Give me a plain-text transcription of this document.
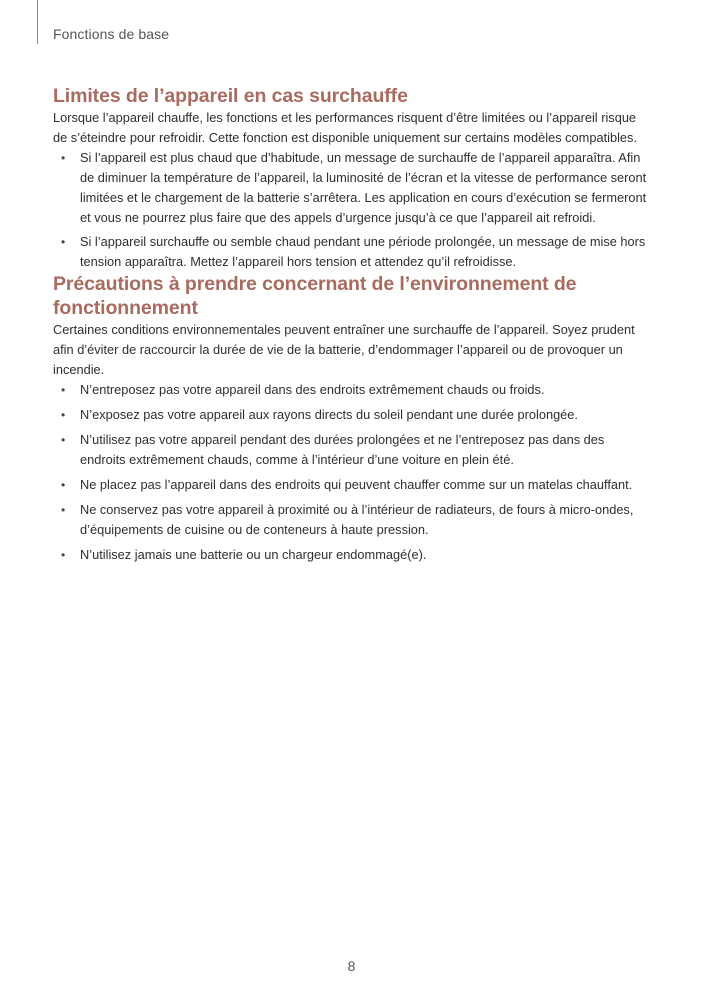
Fonctions de base
Limites de l’appareil en cas surchauffe

Lorsque l’appareil chauffe, les fonctions et les performances risquent d’être limitées ou l’appareil risque de s’éteindre pour refroidir. Cette fonction est disponible uniquement sur certains modèles compatibles.

• Si l’appareil est plus chaud que d’habitude, un message de surchauffe de l’appareil apparaîtra. Afin de diminuer la température de l’appareil, la luminosité de l’écran et la vitesse de performance seront limitées et le chargement de la batterie s’arrêtera. Les application en cours d’exécution se fermeront et vous ne pourrez plus faire que des appels d’urgence jusqu’à ce que l’appareil ait refroidi.
• Si l’appareil surchauffe ou semble chaud pendant une période prolongée, un message de mise hors tension apparaîtra. Mettez l’appareil hors tension et attendez qu’il refroidisse.
Précautions à prendre concernant de l’environnement de fonctionnement

Certaines conditions environnementales peuvent entraîner une surchauffe de l’appareil. Soyez prudent afin d’éviter de raccourcir la durée de vie de la batterie, d’endommager l’appareil ou de provoquer un incendie.

• N’entreposez pas votre appareil dans des endroits extrêmement chauds ou froids.
• N’exposez pas votre appareil aux rayons directs du soleil pendant une durée prolongée.
• N’utilisez pas votre appareil pendant des durées prolongées et ne l’entreposez pas dans des endroits extrêmement chauds, comme à l’intérieur d’une voiture en plein été.
• Ne placez pas l’appareil dans des endroits qui peuvent chauffer comme sur un matelas chauffant.
• Ne conservez pas votre appareil à proximité ou à l’intérieur de radiateurs, de fours à micro-ondes, d’équipements de cuisine ou de conteneurs à haute pression.
• N’utilisez jamais une batterie ou un chargeur endommagé(e).
8
